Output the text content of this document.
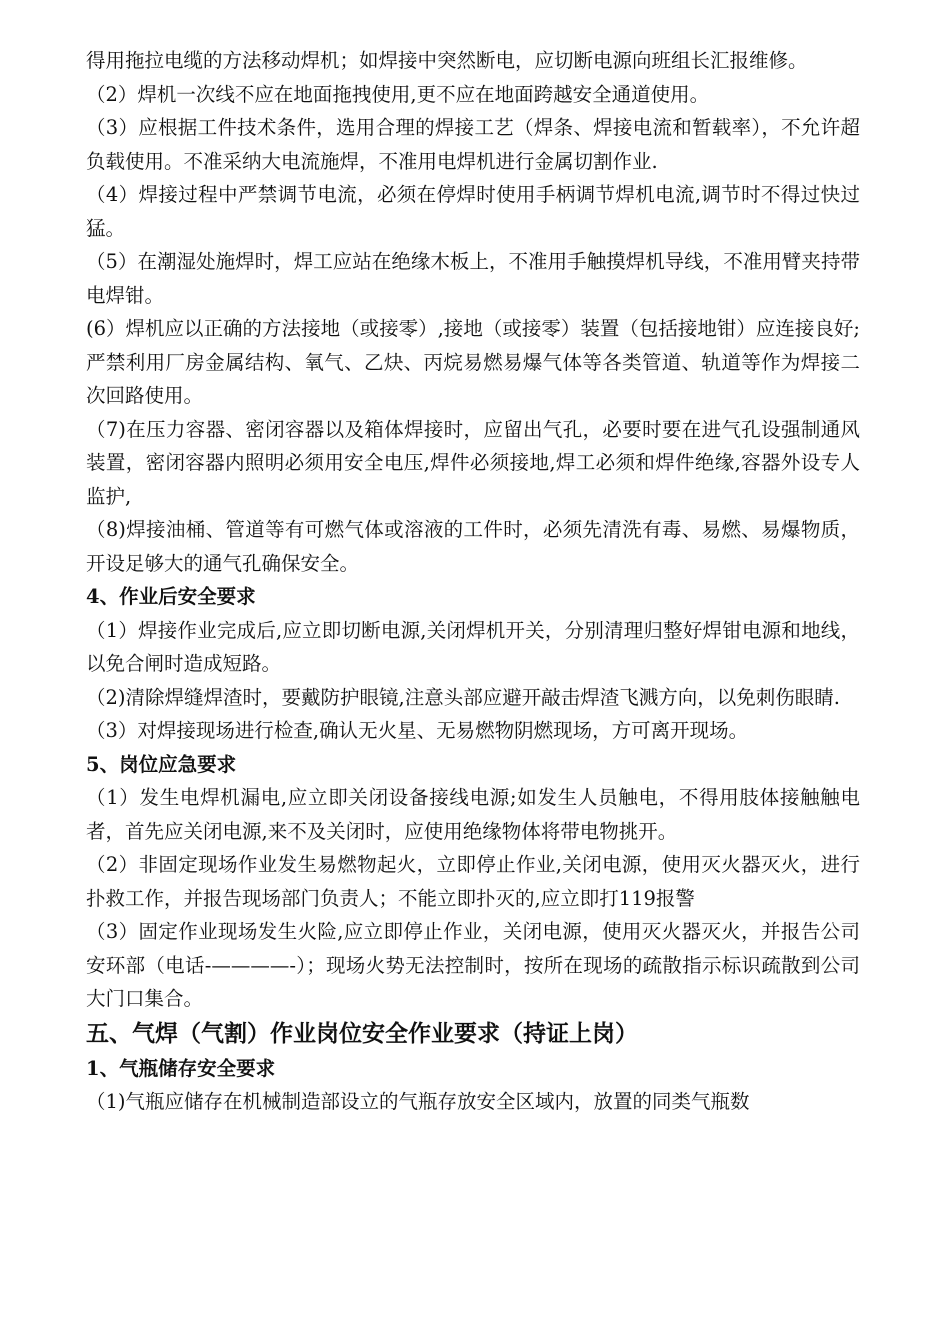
得用拖拉电缆的方法移动焊机；如焊接中突然断电，应切断电源向班组长汇报维修。

（2）焊机一次线不应在地面拖拽使用,更不应在地面跨越安全通道使用。

（3）应根据工件技术条件，选用合理的焊接工艺（焊条、焊接电流和暂载率），不允许超负载使用。不准采纳大电流施焊，不准用电焊机进行金属切割作业.

（4）焊接过程中严禁调节电流，必须在停焊时使用手柄调节焊机电流,调节时不得过快过猛。

（5）在潮湿处施焊时，焊工应站在绝缘木板上，不准用手触摸焊机导线，不准用臂夹持带电焊钳。

(6）焊机应以正确的方法接地（或接零）,接地（或接零）装置（包括接地钳）应连接良好;严禁利用厂房金属结构、氧气、乙炔、丙烷易燃易爆气体等各类管道、轨道等作为焊接二次回路使用。

（7)在压力容器、密闭容器以及箱体焊接时，应留出气孔，必要时要在进气孔设强制通风装置，密闭容器内照明必须用安全电压,焊件必须接地,焊工必须和焊件绝缘,容器外设专人监护,

（8)焊接油桶、管道等有可燃气体或溶液的工件时，必须先清洗有毒、易燃、易爆物质，开设足够大的通气孔确保安全。

4、作业后安全要求

（1）焊接作业完成后,应立即切断电源,关闭焊机开关，分别清理归整好焊钳电源和地线，以免合闸时造成短路。

（2)清除焊缝焊渣时，要戴防护眼镜,注意头部应避开敲击焊渣飞溅方向，以免刺伤眼睛.

（3）对焊接现场进行检查,确认无火星、无易燃物阴燃现场，方可离开现场。

5、岗位应急要求

（1）发生电焊机漏电,应立即关闭设备接线电源;如发生人员触电，不得用肢体接触触电者，首先应关闭电源,来不及关闭时，应使用绝缘物体将带电物挑开。

（2）非固定现场作业发生易燃物起火，立即停止作业,关闭电源，使用灭火器灭火，进行扑救工作，并报告现场部门负责人；不能立即扑灭的,应立即打119报警

（3）固定作业现场发生火险,应立即停止作业，关闭电源，使用灭火器灭火，并报告公司安环部（电话-————-）；现场火势无法控制时，按所在现场的疏散指示标识疏散到公司大门口集合。

五、气焊（气割）作业岗位安全作业要求（持证上岗）

1、气瓶储存安全要求

（1)气瓶应储存在机械制造部设立的气瓶存放安全区域内，放置的同类气瓶数
